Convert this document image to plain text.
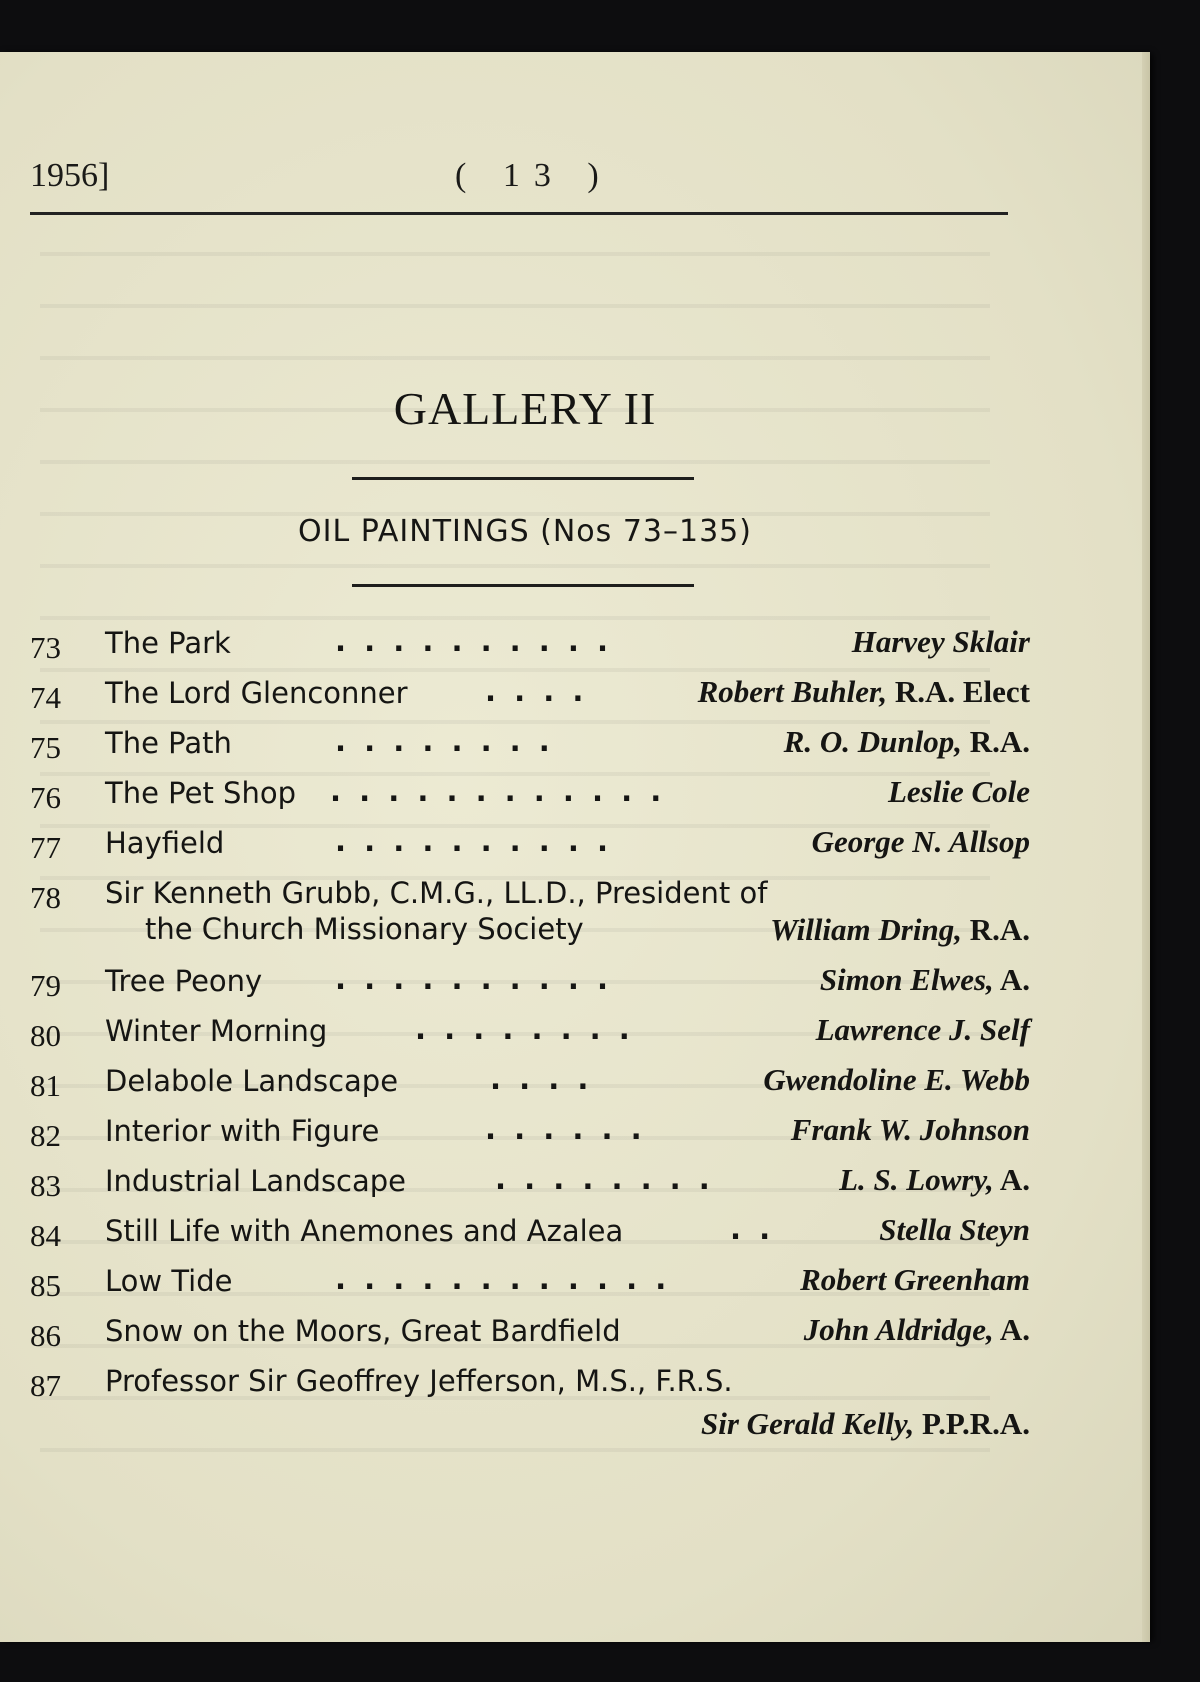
1956]	( 13 )
GALLERY II
OIL PAINTINGS (Nos 73–135)
73	The Park	. . . . . . . . . .	Harvey Sklair
74	The Lord Glenconner	. . . .	Robert Buhler, R.A. Elect
75	The Path	. . . . . . . .	R. O. Dunlop, R.A.
76	The Pet Shop . . . . . . . . . . . .	Leslie Cole
77	Hayfield	. . . . . . . . . .	George N. Allsop
78	Sir Kenneth Grubb, C.M.G., LL.D., President of
the Church Missionary Society	William Dring, R.A.
79	Tree Peony	. . . . . . . . . .	Simon Elwes, A.
80	Winter Morning	. . . . . . . .	Lawrence J. Self
81	Delabole Landscape	. . . .	Gwendoline E. Webb
82	Interior with Figure	. . . . . .	Frank W. Johnson
83	Industrial Landscape	. . . . . . . .	L. S. Lowry, A.
84	Still Life with Anemones and Azalea	. .	Stella Steyn
85	Low Tide	. . . . . . . . . . . .	Robert Greenham
86	Snow on the Moors, Great Bardfield	John Aldridge, A.
87	Professor Sir Geoffrey Jefferson, M.S., F.R.S.
Sir Gerald Kelly, P.P.R.A.
